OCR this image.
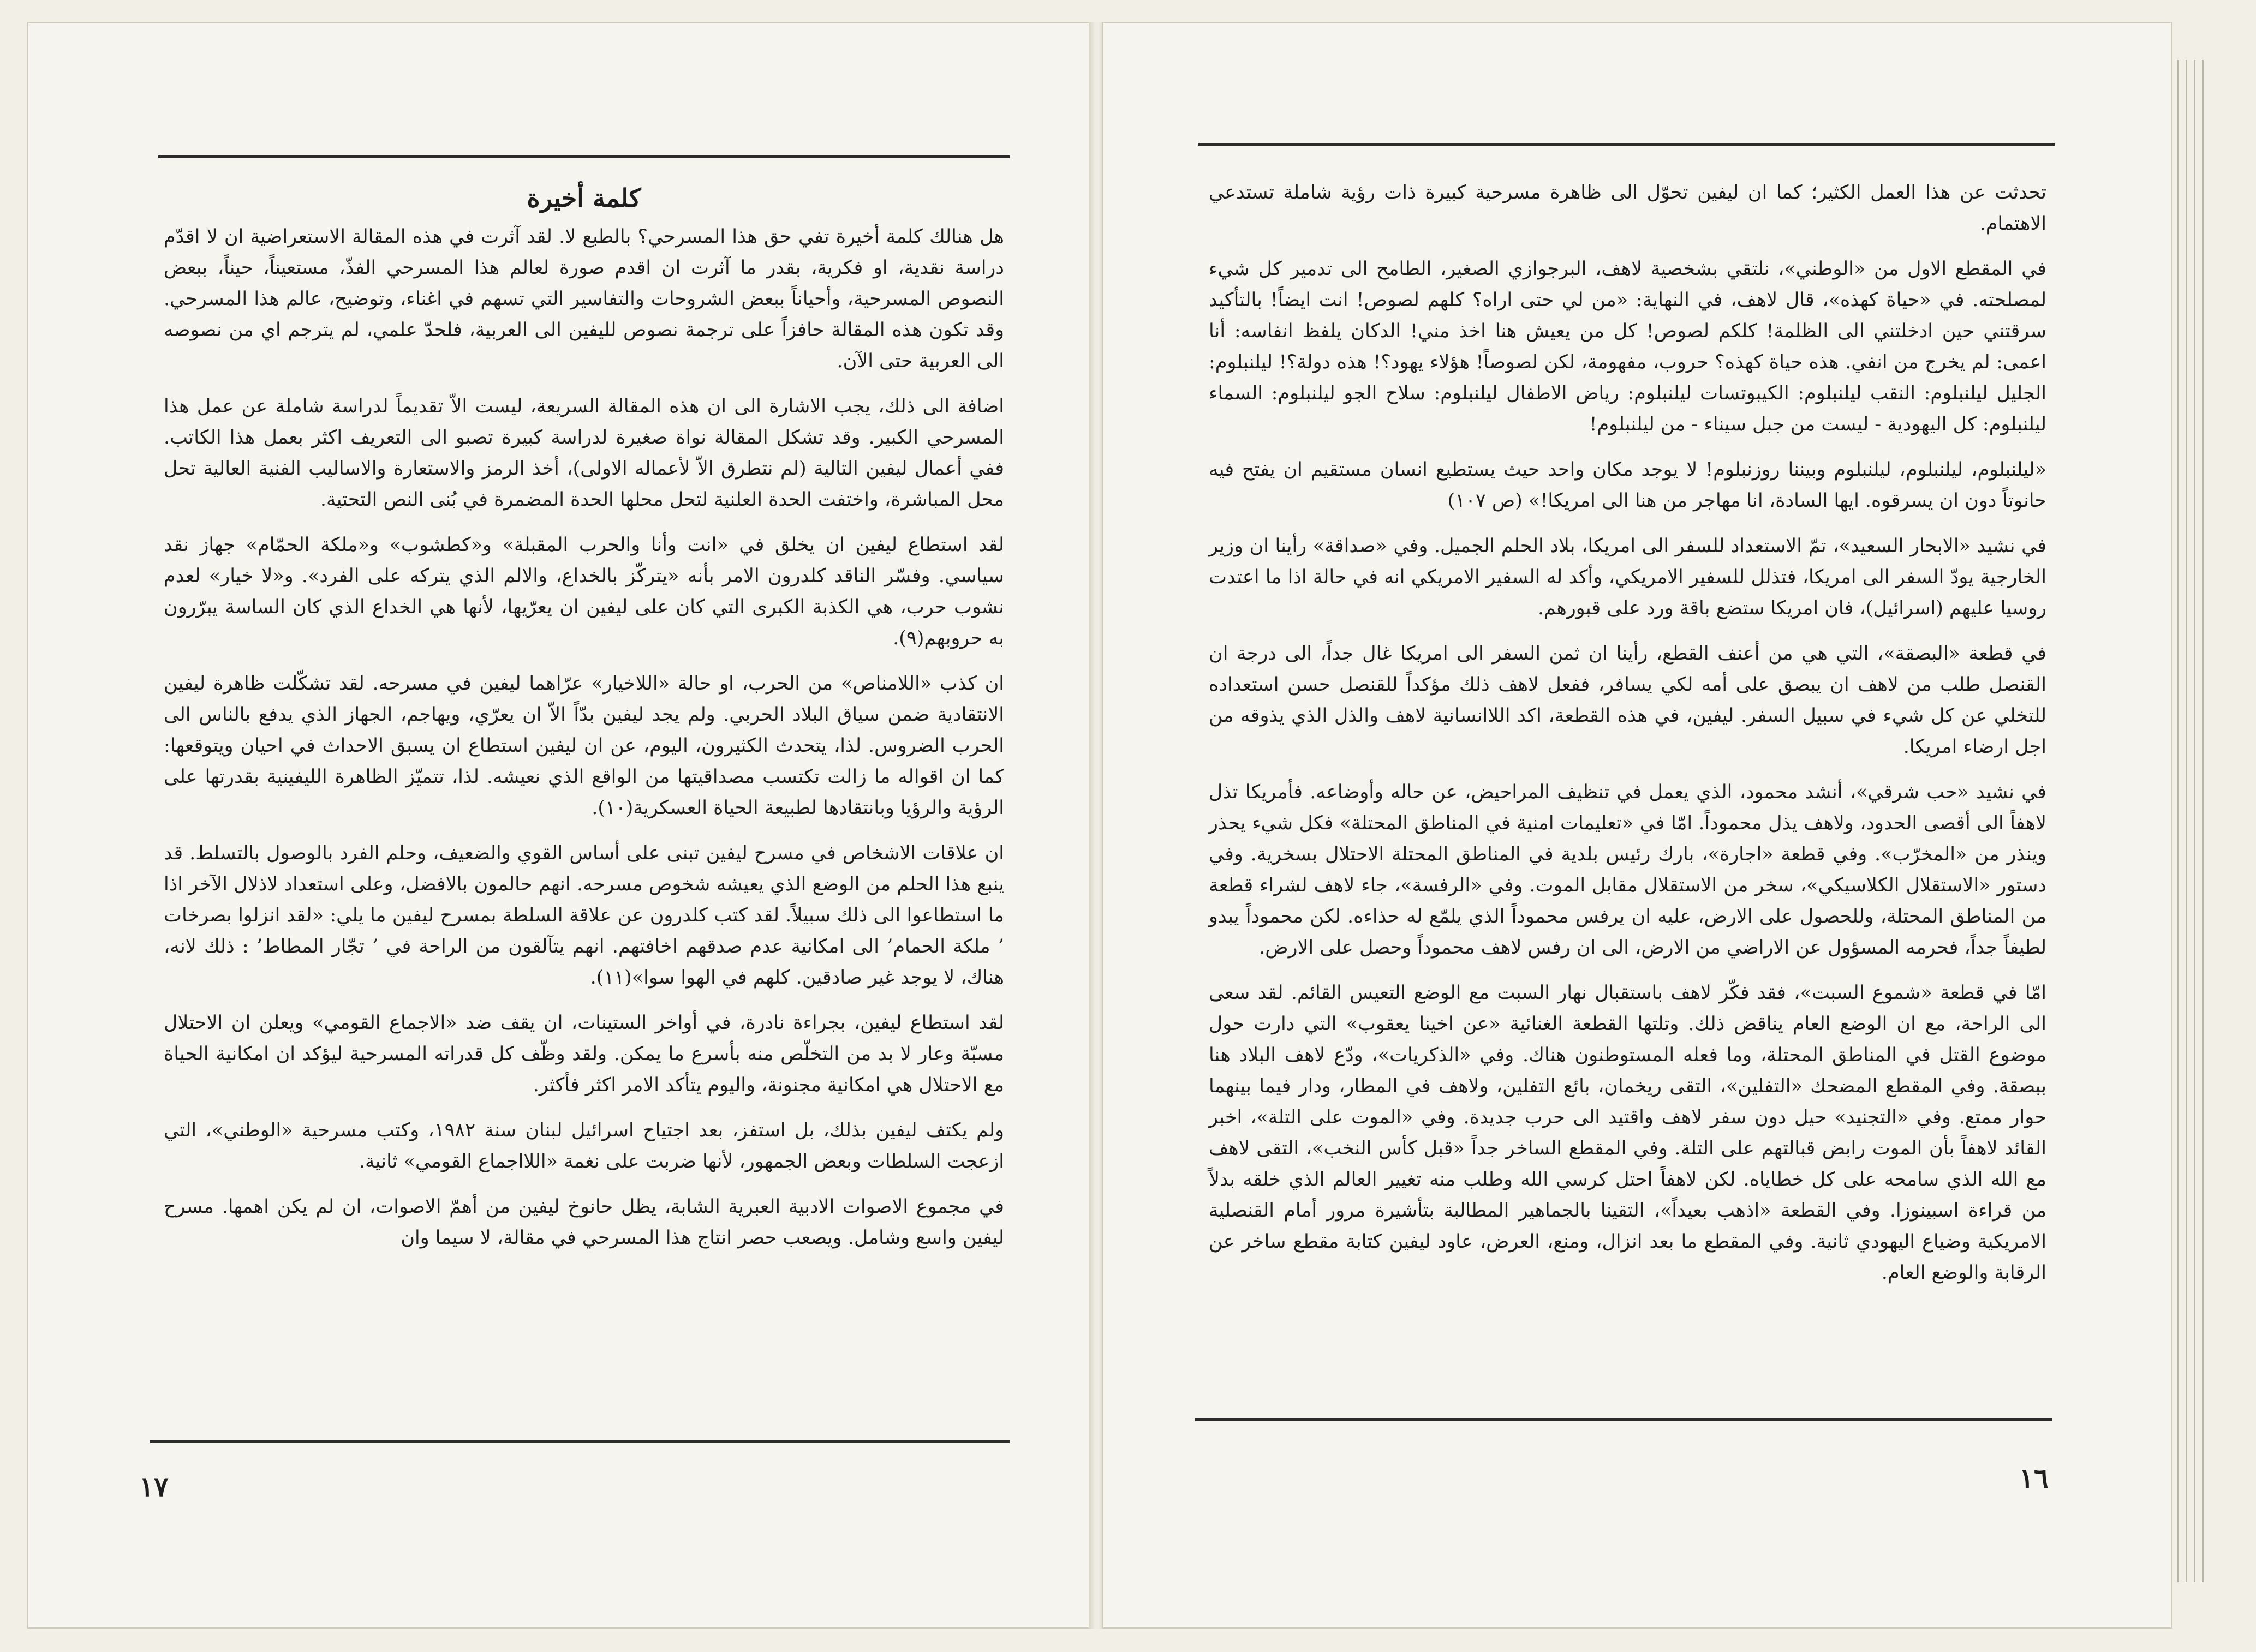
كلمة أخيرة

هل هنالك كلمة أخيرة تفي حق هذا المسرحي؟ بالطبع لا. لقد آثرت في هذه المقالة الاستعراضية ان لا اقدّم دراسة نقدية، او فكرية، بقدر ما آثرت ان اقدم صورة لعالم هذا المسرحي الفذّ، مستعيناً، حيناً، ببعض النصوص المسرحية، وأحياناً ببعض الشروحات والتفاسير التي تسهم في اغناء، وتوضيح، عالم هذا المسرحي. وقد تكون هذه المقالة حافزاً على ترجمة نصوص لليفين الى العربية، فلحدّ علمي، لم يترجم اي من نصوصه الى العربية حتى الآن.

اضافة الى ذلك، يجب الاشارة الى ان هذه المقالة السريعة، ليست الاّ تقديماً لدراسة شاملة عن عمل هذا المسرحي الكبير. وقد تشكل المقالة نواة صغيرة لدراسة كبيرة تصبو الى التعريف اكثر بعمل هذا الكاتب. ففي أعمال ليفين التالية (لم نتطرق الاّ لأعماله الاولى)، أخذ الرمز والاستعارة والاساليب الفنية العالية تحل محل المباشرة، واختفت الحدة العلنية لتحل محلها الحدة المضمرة في بُنى النص التحتية.

لقد استطاع ليفين ان يخلق في «انت وأنا والحرب المقبلة» و«كطشوب» و«ملكة الحمّام» جهاز نقد سياسي. وفسّر الناقد كلدرون الامر بأنه «يتركّز بالخداع، والالم الذي يتركه على الفرد». و«لا خيار» لعدم نشوب حرب، هي الكذبة الكبرى التي كان على ليفين ان يعرّيها، لأنها هي الخداع الذي كان الساسة يبرّرون به حروبهم(٩).

ان كذب «اللامناص» من الحرب، او حالة «اللاخيار» عرّاهما ليفين في مسرحه. لقد تشكّلت ظاهرة ليفين الانتقادية ضمن سياق البلاد الحربي. ولم يجد ليفين بدّاً الاّ ان يعرّي، ويهاجم، الجهاز الذي يدفع بالناس الى الحرب الضروس. لذا، يتحدث الكثيرون، اليوم، عن ان ليفين استطاع ان يسبق الاحداث في احيان ويتوقعها: كما ان اقواله ما زالت تكتسب مصداقيتها من الواقع الذي نعيشه. لذا، تتميّز الظاهرة الليفينية بقدرتها على الرؤية والرؤيا وبانتقادها لطبيعة الحياة العسكرية(١٠).

ان علاقات الاشخاص في مسرح ليفين تبنى على أساس القوي والضعيف، وحلم الفرد بالوصول بالتسلط. قد ينبع هذا الحلم من الوضع الذي يعيشه شخوص مسرحه. انهم حالمون بالافضل، وعلى استعداد لاذلال الآخر اذا ما استطاعوا الى ذلك سبيلاً. لقد كتب كلدرون عن علاقة السلطة بمسرح ليفين ما يلي: «لقد انزلوا بصرخات ’ ملكة الحمام’ الى امكانية عدم صدقهم اخافتهم. انهم يتآلقون من الراحة في ’ تجّار المطاط’ : ذلك لانه، هناك، لا يوجد غير صادقين. كلهم في الهوا سوا»(١١).

لقد استطاع ليفين، بجراءة نادرة، في أواخر الستينات، ان يقف ضد «الاجماع القومي» ويعلن ان الاحتلال مسبّة وعار لا بد من التخلّص منه بأسرع ما يمكن. ولقد وظّف كل قدراته المسرحية ليؤكد ان امكانية الحياة مع الاحتلال هي امكانية مجنونة، واليوم يتأكد الامر اكثر فأكثر.

ولم يكتف ليفين بذلك، بل استفز، بعد اجتياح اسرائيل لبنان سنة ١٩٨٢، وكتب مسرحية «الوطني»، التي ازعجت السلطات وبعض الجمهور، لأنها ضربت على نغمة «اللااجماع القومي» ثانية.

في مجموع الاصوات الادبية العبرية الشابة، يظل حانوخ ليفين من أهمّ الاصوات، ان لم يكن اهمها. مسرح ليفين واسع وشامل. ويصعب حصر انتاج هذا المسرحي في مقالة، لا سيما وان

تحدثت عن هذا العمل الكثير؛ كما ان ليفين تحوّل الى ظاهرة مسرحية كبيرة ذات رؤية شاملة تستدعي الاهتمام.

في المقطع الاول من «الوطني»، نلتقي بشخصية لاهف، البرجوازي الصغير، الطامح الى تدمير كل شيء لمصلحته. في «حياة كهذه»، قال لاهف، في النهاية: «من لي حتى اراه؟ كلهم لصوص! انت ايضاً! بالتأكيد سرقتني حين ادخلتني الى الظلمة! كلكم لصوص! كل من يعيش هنا اخذ مني! الدكان يلفظ انفاسه: أنا اعمى: لم يخرج من انفي. هذه حياة كهذه؟ حروب، مفهومة، لكن لصوصاً! هؤلاء يهود؟! هذه دولة؟! ليلنبلوم: الجليل ليلنبلوم: النقب ليلنبلوم: الكيبوتسات ليلنبلوم: رياض الاطفال ليلنبلوم: سلاح الجو ليلنبلوم: السماء ليلنبلوم: كل اليهودية - ليست من جبل سيناء - من ليلنبلوم!

«ليلنبلوم، ليلنبلوم، ليلنبلوم وبيننا روزنبلوم! لا يوجد مكان واحد حيث يستطيع انسان مستقيم ان يفتح فيه حانوتاً دون ان يسرقوه. ايها السادة، انا مهاجر من هنا الى امريكا!» (ص ١٠٧)

في نشيد «الابحار السعيد»، تمّ الاستعداد للسفر الى امريكا، بلاد الحلم الجميل. وفي «صداقة» رأينا ان وزير الخارجية يودّ السفر الى امريكا، فتذلل للسفير الامريكي، وأكد له السفير الامريكي انه في حالة اذا ما اعتدت روسيا عليهم (اسرائيل)، فان امريكا ستضع باقة ورد على قبورهم.

في قطعة «البصقة»، التي هي من أعنف القطع، رأينا ان ثمن السفر الى امريكا غال جداً، الى درجة ان القنصل طلب من لاهف ان يبصق على أمه لكي يسافر، ففعل لاهف ذلك مؤكداً للقنصل حسن استعداده للتخلي عن كل شيء في سبيل السفر. ليفين، في هذه القطعة، اكد اللاانسانية لاهف والذل الذي يذوقه من اجل ارضاء امريكا.

في نشيد «حب شرقي»، أنشد محمود، الذي يعمل في تنظيف المراحيض، عن حاله وأوضاعه. فأمريكا تذل لاهفاً الى أقصى الحدود، ولاهف يذل محموداً. امّا في «تعليمات امنية في المناطق المحتلة» فكل شيء يحذر وينذر من «المخرّب». وفي قطعة «اجارة»، بارك رئيس بلدية في المناطق المحتلة الاحتلال بسخرية. وفي دستور «الاستقلال الكلاسيكي»، سخر من الاستقلال مقابل الموت. وفي «الرفسة»، جاء لاهف لشراء قطعة من المناطق المحتلة، وللحصول على الارض، عليه ان يرفس محموداً الذي يلمّع له حذاءه. لكن محموداً يبدو لطيفاً جداً، فحرمه المسؤول عن الاراضي من الارض، الى ان رفس لاهف محموداً وحصل على الارض.

امّا في قطعة «شموع السبت»، فقد فكّر لاهف باستقبال نهار السبت مع الوضع التعيس القائم. لقد سعى الى الراحة، مع ان الوضع العام يناقض ذلك. وتلتها القطعة الغنائية «عن اخينا يعقوب» التي دارت حول موضوع القتل في المناطق المحتلة، وما فعله المستوطنون هناك. وفي «الذكريات»، ودّع لاهف البلاد هنا ببصقة. وفي المقطع المضحك «التفلين»، التقى ريخمان، بائع التفلين، ولاهف في المطار، ودار فيما بينهما حوار ممتع. وفي «التجنيد» حيل دون سفر لاهف واقتيد الى حرب جديدة. وفي «الموت على التلة»، اخبر القائد لاهفاً بأن الموت رابض قبالتهم على التلة. وفي المقطع الساخر جداً «قبل كأس النخب»، التقى لاهف مع الله الذي سامحه على كل خطاياه. لكن لاهفاً احتل كرسي الله وطلب منه تغيير العالم الذي خلقه بدلاً من قراءة اسبينوزا. وفي القطعة «اذهب بعيداً»، التقينا بالجماهير المطالبة بتأشيرة مرور أمام القنصلية الامريكية وضياع اليهودي ثانية. وفي المقطع ما بعد انزال، ومنع، العرض، عاود ليفين كتابة مقطع ساخر عن الرقابة والوضع العام.

١٧	١٦
